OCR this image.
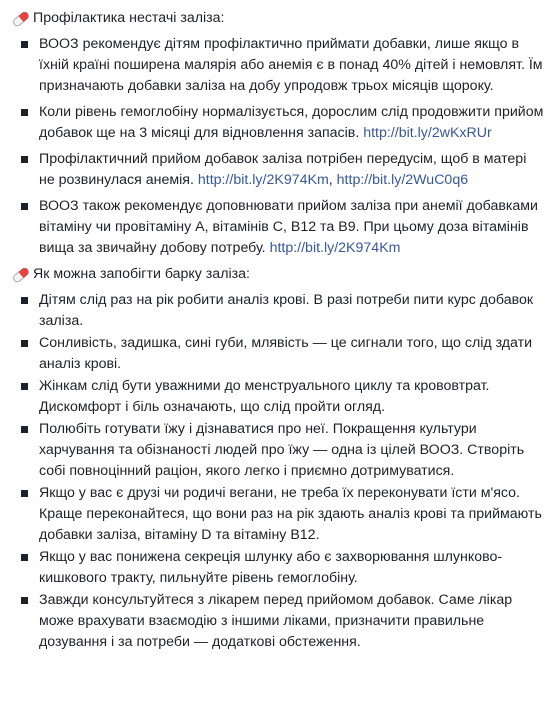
Профілактика нестачі заліза:
ВООЗ рекомендує дітям профілактично приймати добавки, лише якщо в їхній країні поширена малярія або анемія є в понад 40% дітей і немовлят. Їм призначають добавки заліза на добу упродовж трьох місяців щороку.
Коли рівень гемоглобіну нормалізується, дорослим слід продовжити прийом добавок ще на 3 місяці для відновлення запасів. http://bit.ly/2wKxRUr
Профілактичний прийом добавок заліза потрібен передусім, щоб в матері не розвинулася анемія. http://bit.ly/2K974Km, http://bit.ly/2WuC0q6
ВООЗ також рекомендує доповнювати прийом заліза при анемії добавками вітаміну чи провітаміну А, вітамінів С, В12 та В9. При цьому доза вітамінів вища за звичайну добову потребу. http://bit.ly/2K974Km
Як можна запобігти барку заліза:
Дітям слід раз на рік робити аналіз крові. В разі потреби пити курс добавок заліза.
Сонливість, задишка, сині губи, млявість — це сигнали того, що слід здати аналіз крові.
Жінкам слід бути уважними до менструального циклу та крововтрат. Дискомфорт і біль означають, що слід пройти огляд.
Полюбіть готувати їжу і дізнаватися про неї. Покращення культури харчування та обізнаності людей про їжу — одна із цілей ВООЗ. Створіть собі повноцінний раціон, якого легко і приємно дотримуватися.
Якщо у вас є друзі чи родичі вегани, не треба їх переконувати їсти м'ясо. Краще переконайтеся, що вони раз на рік здають аналіз крові та приймають добавки заліза, вітаміну D та вітаміну B12.
Якщо у вас понижена секреція шлунку або є захворювання шлунково-кишкового тракту, пильнуйте рівень гемоглобіну.
Завжди консультуйтеся з лікарем перед прийомом добавок. Саме лікар може врахувати взаємодію з іншими ліками, призначити правильне дозування і за потреби — додаткові обстеження.
